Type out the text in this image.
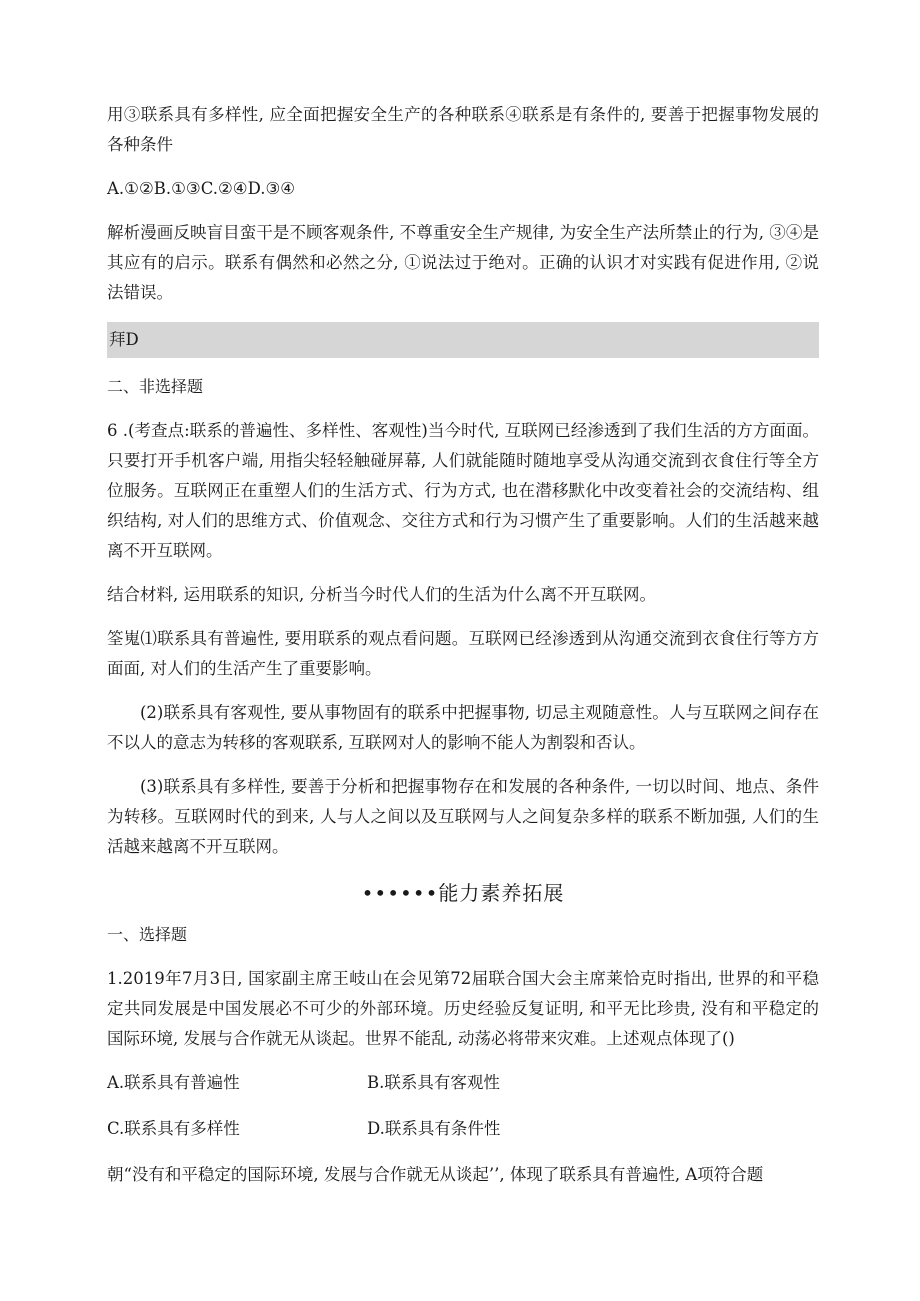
用③联系具有多样性, 应全面把握安全生产的各种联系④联系是有条件的, 要善于把握事物发展的各种条件

A.①②B.①③C.②④D.③④

解析漫画反映盲目蛮干是不顾客观条件, 不尊重安全生产规律, 为安全生产法所禁止的行为, ③④是其应有的启示。联系有偶然和必然之分, ①说法过于绝对。正确的认识才对实践有促进作用, ②说法错误。

拜D
二、非选择题

6 .(考查点:联系的普遍性、多样性、客观性)当今时代, 互联网已经渗透到了我们生活的方方面面。只要打开手机客户端, 用指尖轻轻触碰屏幕, 人们就能随时随地享受从沟通交流到衣食住行等全方位服务。互联网正在重塑人们的生活方式、行为方式, 也在潜移默化中改变着社会的交流结构、组织结构, 对人们的思维方式、价值观念、交往方式和行为习惯产生了重要影响。人们的生活越来越离不开互联网。

结合材料, 运用联系的知识, 分析当今时代人们的生活为什么离不开互联网。

筌嵬⑴联系具有普遍性, 要用联系的观点看问题。互联网已经渗透到从沟通交流到衣食住行等方方面面, 对人们的生活产生了重要影响。

(2)联系具有客观性, 要从事物固有的联系中把握事物, 切忌主观随意性。人与互联网之间存在不以人的意志为转移的客观联系, 互联网对人的影响不能人为割裂和否认。

(3)联系具有多样性, 要善于分析和把握事物存在和发展的各种条件, 一切以时间、地点、条件为转移。互联网时代的到来, 人与人之间以及互联网与人之间复杂多样的联系不断加强, 人们的生活越来越离不开互联网。

••••••能力素养拓展
一、选择题

1.2019年7月3日, 国家副主席王岐山在会见第72届联合国大会主席莱恰克时指出, 世界的和平稳定共同发展是中国发展必不可少的外部环境。历史经验反复证明, 和平无比珍贵, 没有和平稳定的国际环境, 发展与合作就无从谈起。世界不能乱, 动荡必将带来灾难。上述观点体现了()

A.联系具有普遍性	B.联系具有客观性
C.联系具有多样性	D.联系具有条件性

朝“没有和平稳定的国际环境, 发展与合作就无从谈起’’, 体现了联系具有普遍性, A项符合题
